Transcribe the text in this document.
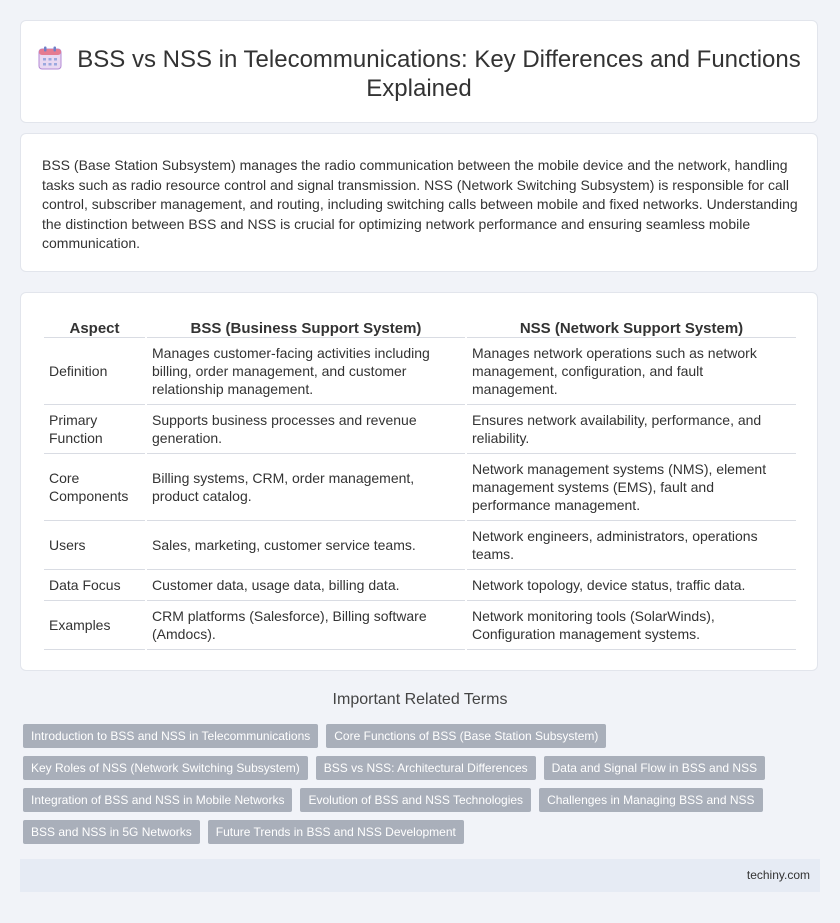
BSS vs NSS in Telecommunications: Key Differences and Functions Explained

BSS (Base Station Subsystem) manages the radio communication between the mobile device and the network, handling tasks such as radio resource control and signal transmission. NSS (Network Switching Subsystem) is responsible for call control, subscriber management, and routing, including switching calls between mobile and fixed networks. Understanding the distinction between BSS and NSS is crucial for optimizing network performance and ensuring seamless mobile communication.

Aspect	BSS (Business Support System)	NSS (Network Support System)
Definition	Manages customer-facing activities including billing, order management, and customer relationship management.	Manages network operations such as network management, configuration, and fault management.
Primary Function	Supports business processes and revenue generation.	Ensures network availability, performance, and reliability.
Core Components	Billing systems, CRM, order management, product catalog.	Network management systems (NMS), element management systems (EMS), fault and performance management.
Users	Sales, marketing, customer service teams.	Network engineers, administrators, operations teams.
Data Focus	Customer data, usage data, billing data.	Network topology, device status, traffic data.
Examples	CRM platforms (Salesforce), Billing software (Amdocs).	Network monitoring tools (SolarWinds), Configuration management systems.
Important Related Terms
Introduction to BSS and NSS in Telecommunications	Core Functions of BSS (Base Station Subsystem)
Key Roles of NSS (Network Switching Subsystem)	BSS vs NSS: Architectural Differences	Data and Signal Flow in BSS and NSS
Integration of BSS and NSS in Mobile Networks	Evolution of BSS and NSS Technologies	Challenges in Managing BSS and NSS
BSS and NSS in 5G Networks	Future Trends in BSS and NSS Development
techiny.com
